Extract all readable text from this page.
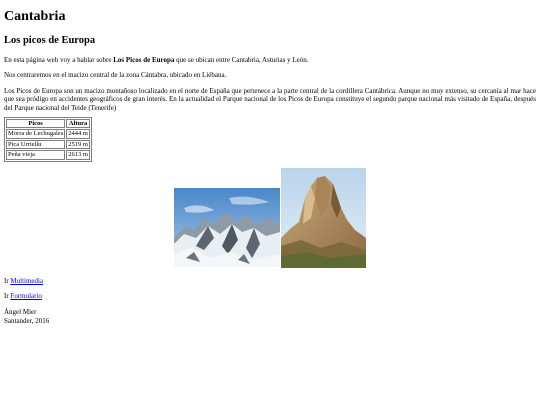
Cantabria
Los picos de Europa

En esta página web voy a hablar sobre Los Picos de Europa que se ubican entre Cantabria, Asturias y León.

Nos centraremos en el macizo central de la zona Cántabra, ubicado en Liébana.

Los Picos de Europa son un macizo montañoso localizado en el norte de España que pertenece a la parte central de la cordillera Cantábrica. Aunque no muy extenso, su cercanía al mar hace que sea pródigo en accidentes geográficos de gran interés. En la actualidad el Parque nacional de los Picos de Europa constituye el segundo parque nacional más visitado de España, después del Parque nacional del Teide (Tenerife)

Picos	Altura
Morra de Lechugales	2444 m
Pica Urriellu	2519 m
Peña vieja	2613 m

Ir Multimedia

Ir Formulario

Ángel Mier
Santander, 2016
